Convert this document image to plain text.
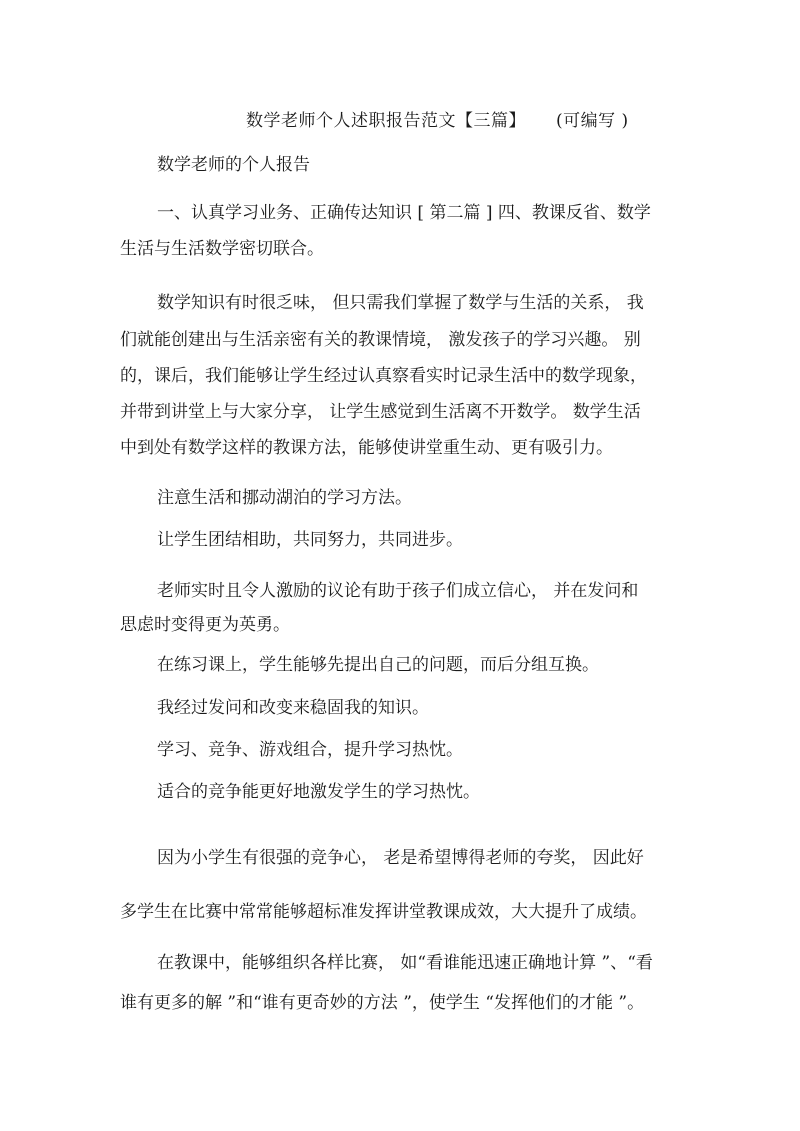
数学老师个人述职报告范文【三篇】 (可编写 )
数学老师的个人报告
一、认真学习业务、正确传达知识 [ 第二篇 ] 四、教课反省、数学
生活与生活数学密切联合。
数学知识有时很乏味， 但只需我们掌握了数学与生活的关系， 我
们就能创建出与生活亲密有关的教课情境， 激发孩子的学习兴趣。 别
的，课后，我们能够让学生经过认真察看实时记录生活中的数学现象，
并带到讲堂上与大家分享， 让学生感觉到生活离不开数学。 数学生活
中到处有数学这样的教课方法，能够使讲堂重生动、更有吸引力。
注意生活和挪动湖泊的学习方法。
让学生团结相助，共同努力，共同进步。
老师实时且令人激励的议论有助于孩子们成立信心， 并在发问和
思虑时变得更为英勇。
在练习课上，学生能够先提出自己的问题，而后分组互换。
我经过发问和改变来稳固我的知识。
学习、竞争、游戏组合，提升学习热忱。
适合的竞争能更好地激发学生的学习热忱。
因为小学生有很强的竞争心， 老是希望博得老师的夸奖， 因此好
多学生在比赛中常常能够超标准发挥讲堂教课成效，大大提升了成绩。
在教课中，能够组织各样比赛， 如“看谁能迅速正确地计算 ”、“看
谁有更多的解 ”和“谁有更奇妙的方法 ”，使学生 “发挥他们的才能 ”。
